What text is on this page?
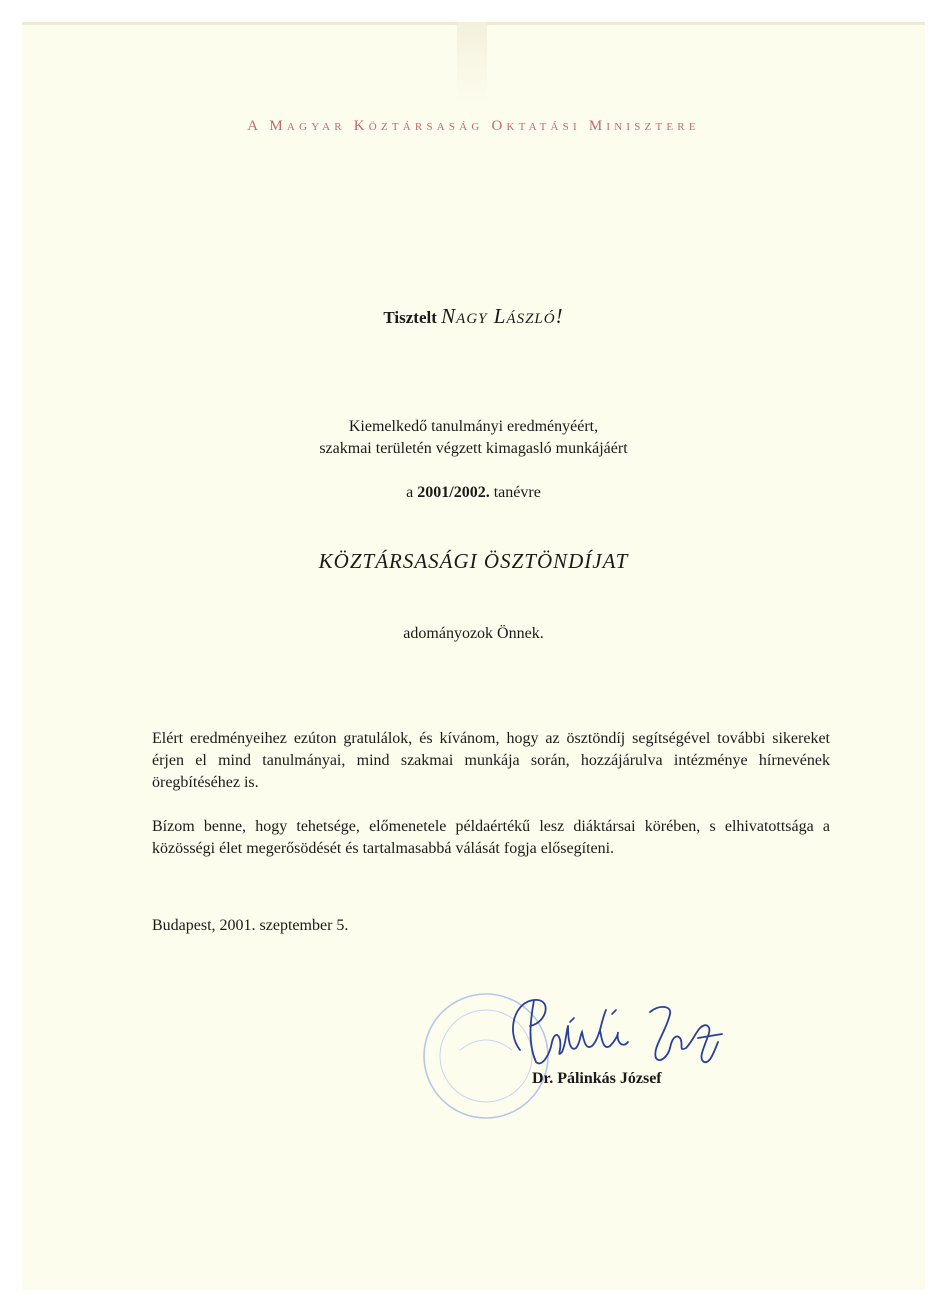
A Magyar Köztársaság Oktatási Minisztere
Tisztelt Nagy László!
Kiemelkedő tanulmányi eredményéért,
szakmai területén végzett kimagasló munkájáért
a 2001/2002. tanévre
KÖZTÁRSASÁGI ÖSZTÖNDÍJAT
adományozok Önnek.
Elért eredményeihez ezúton gratulálok, és kívánom, hogy az ösztöndíj segítségével további sikereket érjen el mind tanulmányai, mind szakmai munkája során, hozzájárulva intézménye hírnevének öregbítéséhez is.
Bízom benne, hogy tehetsége, előmenetele példaértékű lesz diáktársai körében, s elhivatottsága a közösségi élet megerősödését és tartalmasabbá válását fogja elősegíteni.
Budapest, 2001. szeptember 5.
Dr. Pálinkás József
